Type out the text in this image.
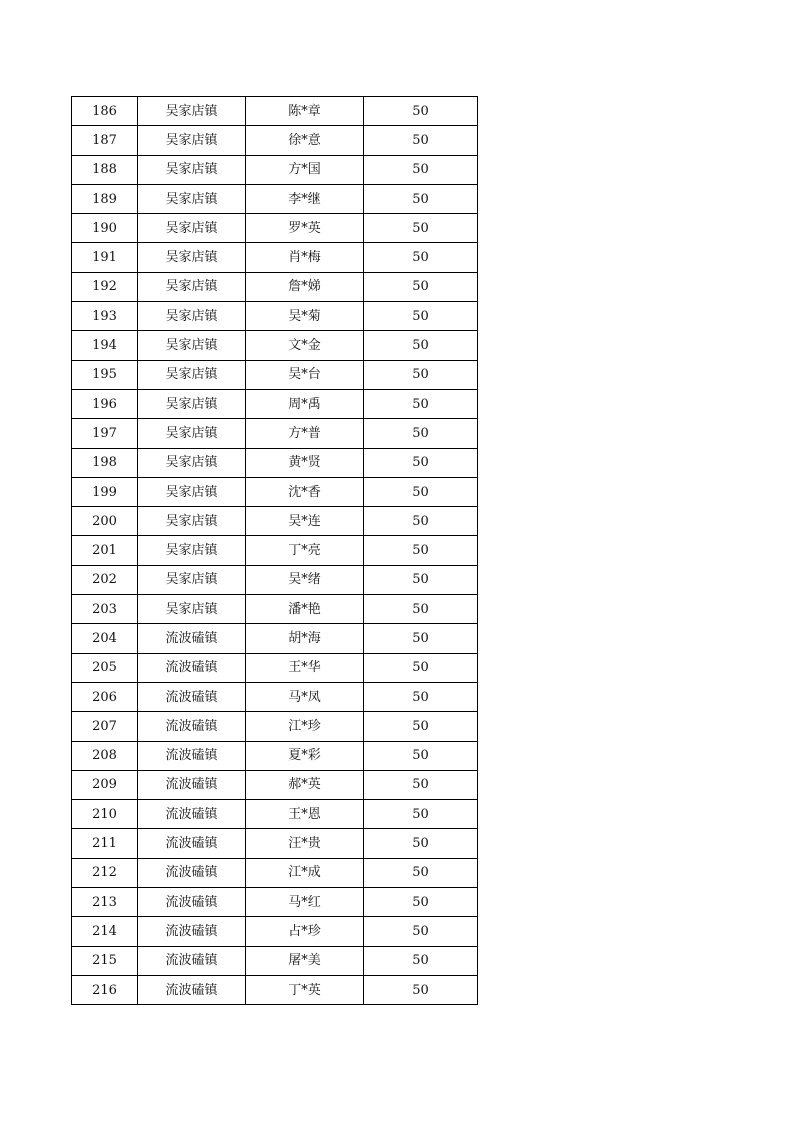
186	吴家店镇	陈*章	50
187	吴家店镇	徐*意	50
188	吴家店镇	方*国	50
189	吴家店镇	李*继	50
190	吴家店镇	罗*英	50
191	吴家店镇	肖*梅	50
192	吴家店镇	詹*娣	50
193	吴家店镇	吴*菊	50
194	吴家店镇	文*金	50
195	吴家店镇	吴*台	50
196	吴家店镇	周*禹	50
197	吴家店镇	方*普	50
198	吴家店镇	黄*贤	50
199	吴家店镇	沈*香	50
200	吴家店镇	吴*连	50
201	吴家店镇	丁*亮	50
202	吴家店镇	吴*绪	50
203	吴家店镇	潘*艳	50
204	流波磕镇	胡*海	50
205	流波磕镇	王*华	50
206	流波磕镇	马*凤	50
207	流波磕镇	江*珍	50
208	流波磕镇	夏*彩	50
209	流波磕镇	郝*英	50
210	流波磕镇	王*恩	50
211	流波磕镇	汪*贵	50
212	流波磕镇	江*成	50
213	流波磕镇	马*红	50
214	流波磕镇	占*珍	50
215	流波磕镇	屠*美	50
216	流波磕镇	丁*英	50
